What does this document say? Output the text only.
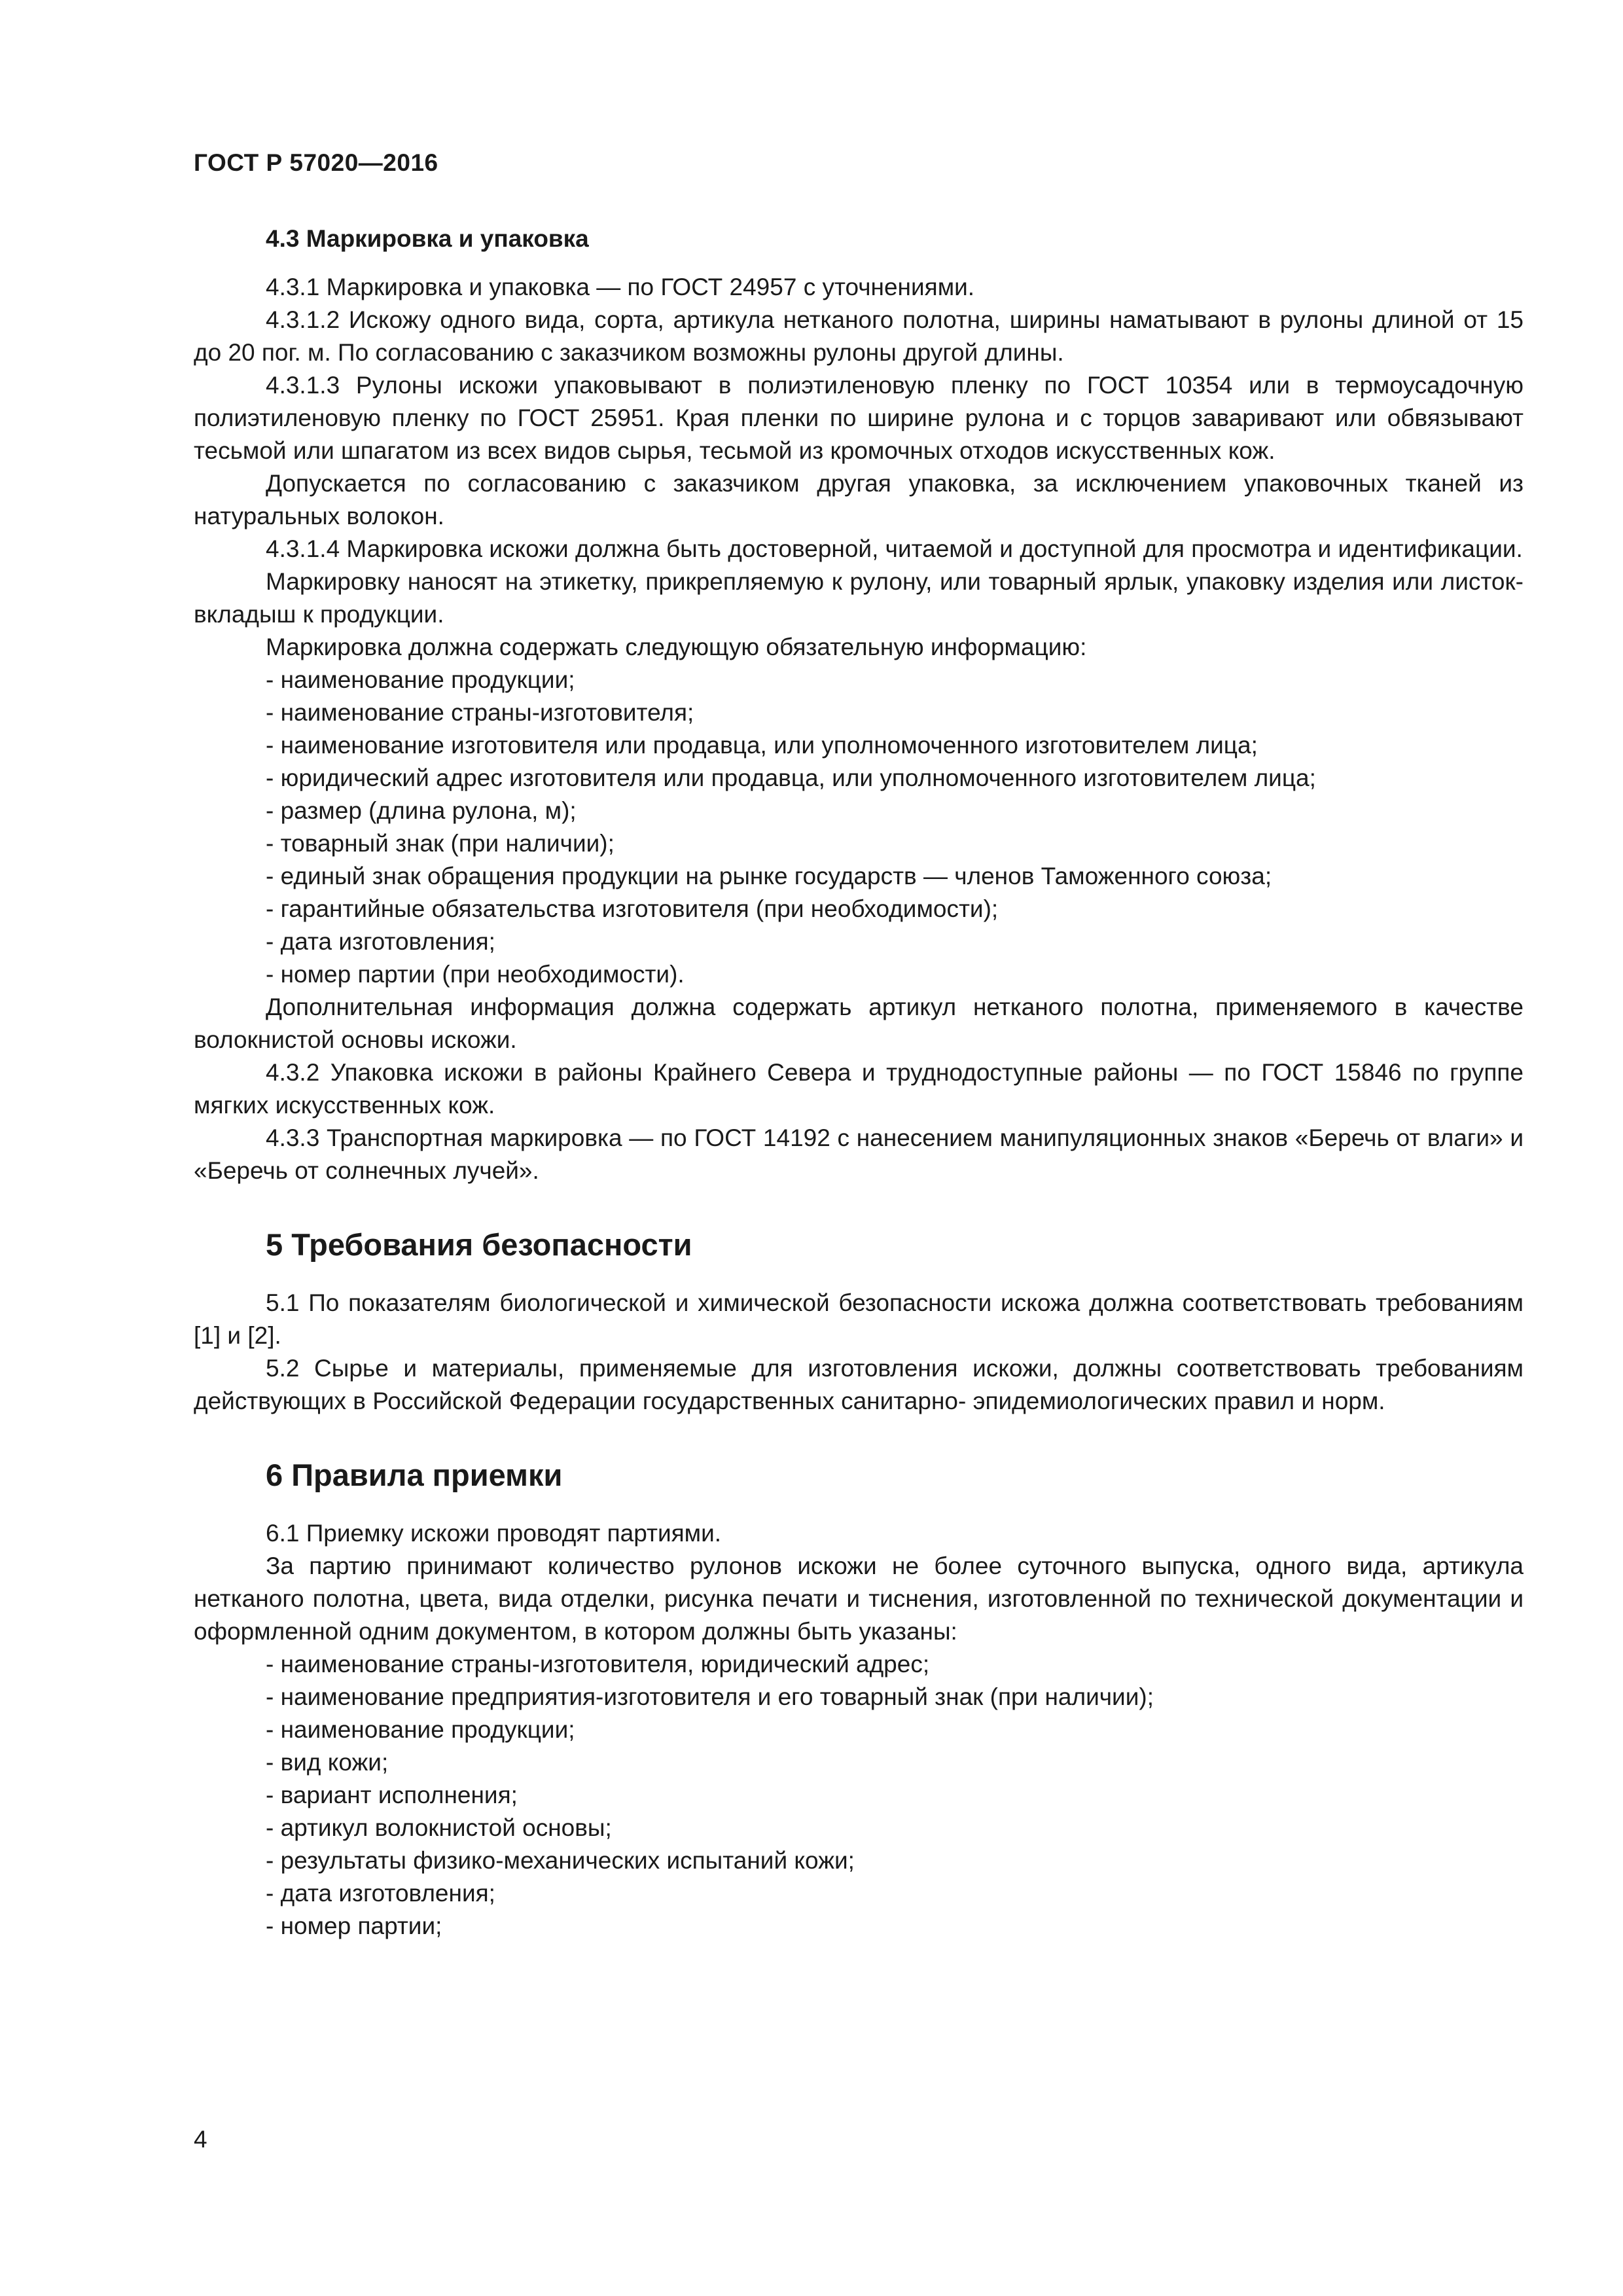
ГОСТ Р 57020—2016
4.3 Маркировка и упаковка

4.3.1 Маркировка и упаковка — по ГОСТ 24957 с уточнениями.

4.3.1.2 Искожу одного вида, сорта, артикула нетканого полотна, ширины наматывают в рулоны длиной от 15 до 20 пог. м. По согласованию с заказчиком возможны рулоны другой длины.

4.3.1.3 Рулоны искожи упаковывают в полиэтиленовую пленку по ГОСТ 10354 или в термоусадочную полиэтиленовую пленку по ГОСТ 25951. Края пленки по ширине рулона и с торцов заваривают или обвязывают тесьмой или шпагатом из всех видов сырья, тесьмой из кромочных отходов искусственных кож.

Допускается по согласованию с заказчиком другая упаковка, за исключением упаковочных тканей из натуральных волокон.

4.3.1.4 Маркировка искожи должна быть достоверной, читаемой и доступной для просмотра и идентификации.

Маркировку наносят на этикетку, прикрепляемую к рулону, или товарный ярлык, упаковку изделия или листок-вкладыш к продукции.

Маркировка должна содержать следующую обязательную информацию:

- наименование продукции;
- наименование страны-изготовителя;
- наименование изготовителя или продавца, или уполномоченного изготовителем лица;
- юридический адрес изготовителя или продавца, или уполномоченного изготовителем лица;
- размер (длина рулона, м);
- товарный знак (при наличии);
- единый знак обращения продукции на рынке государств — членов Таможенного союза;
- гарантийные обязательства изготовителя (при необходимости);
- дата изготовления;
- номер партии (при необходимости).

Дополнительная информация должна содержать артикул нетканого полотна, применяемого в качестве волокнистой основы искожи.

4.3.2 Упаковка искожи в районы Крайнего Севера и труднодоступные районы — по ГОСТ 15846 по группе мягких искусственных кож.

4.3.3 Транспортная маркировка — по ГОСТ 14192 с нанесением манипуляционных знаков «Беречь от влаги» и «Беречь от солнечных лучей».

5 Требования безопасности

5.1 По показателям биологической и химической безопасности искожа должна соответствовать требованиям [1] и [2].

5.2 Сырье и материалы, применяемые для изготовления искожи, должны соответствовать требованиям действующих в Российской Федерации государственных санитарно- эпидемиологических правил и норм.

6 Правила приемки

6.1 Приемку искожи проводят партиями.

За партию принимают количество рулонов искожи не более суточного выпуска, одного вида, артикула нетканого полотна, цвета, вида отделки, рисунка печати и тиснения, изготовленной по технической документации и оформленной одним документом, в котором должны быть указаны:

- наименование страны-изготовителя, юридический адрес;
- наименование предприятия-изготовителя и его товарный знак (при наличии);
- наименование продукции;
- вид кожи;
- вариант исполнения;
- артикул волокнистой основы;
- результаты физико-механических испытаний кожи;
- дата изготовления;
- номер партии;
4
